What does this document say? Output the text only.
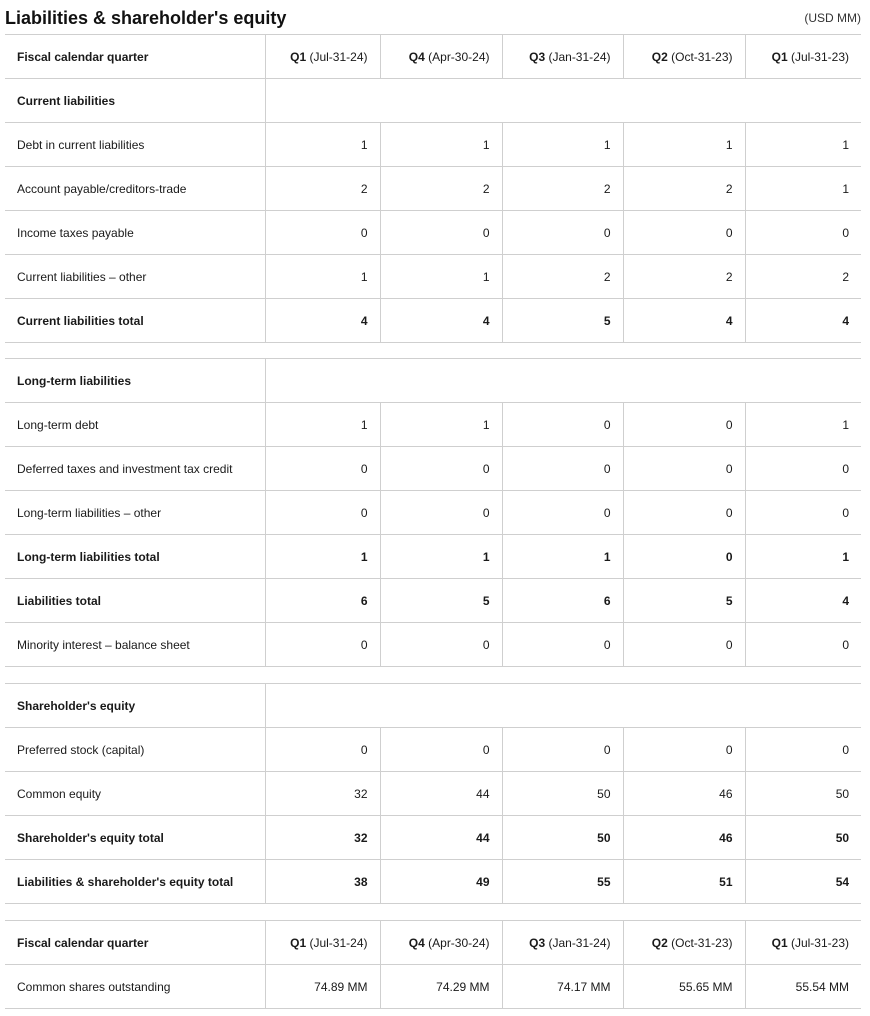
Liabilities & shareholder's equity	(USD MM)
Fiscal calendar quarter	Q1 (Jul-31-24)	Q4 (Apr-30-24)	Q3 (Jan-31-24)	Q2 (Oct-31-23)	Q1 (Jul-31-23)
Current liabilities					
Debt in current liabilities	1	1	1	1	1
Account payable/creditors-trade	2	2	2	2	1
Income taxes payable	0	0	0	0	0
Current liabilities – other	1	1	2	2	2
Current liabilities total	4	4	5	4	4
Long-term liabilities					
Long-term debt	1	1	0	0	1
Deferred taxes and investment tax credit	0	0	0	0	0
Long-term liabilities – other	0	0	0	0	0
Long-term liabilities total	1	1	1	0	1
Liabilities total	6	5	6	5	4
Minority interest – balance sheet	0	0	0	0	0
Shareholder's equity					
Preferred stock (capital)	0	0	0	0	0
Common equity	32	44	50	46	50
Shareholder's equity total	32	44	50	46	50
Liabilities & shareholder's equity total	38	49	55	51	54
Fiscal calendar quarter	Q1 (Jul-31-24)	Q4 (Apr-30-24)	Q3 (Jan-31-24)	Q2 (Oct-31-23)	Q1 (Jul-31-23)
Common shares outstanding	74.89 MM	74.29 MM	74.17 MM	55.65 MM	55.54 MM
